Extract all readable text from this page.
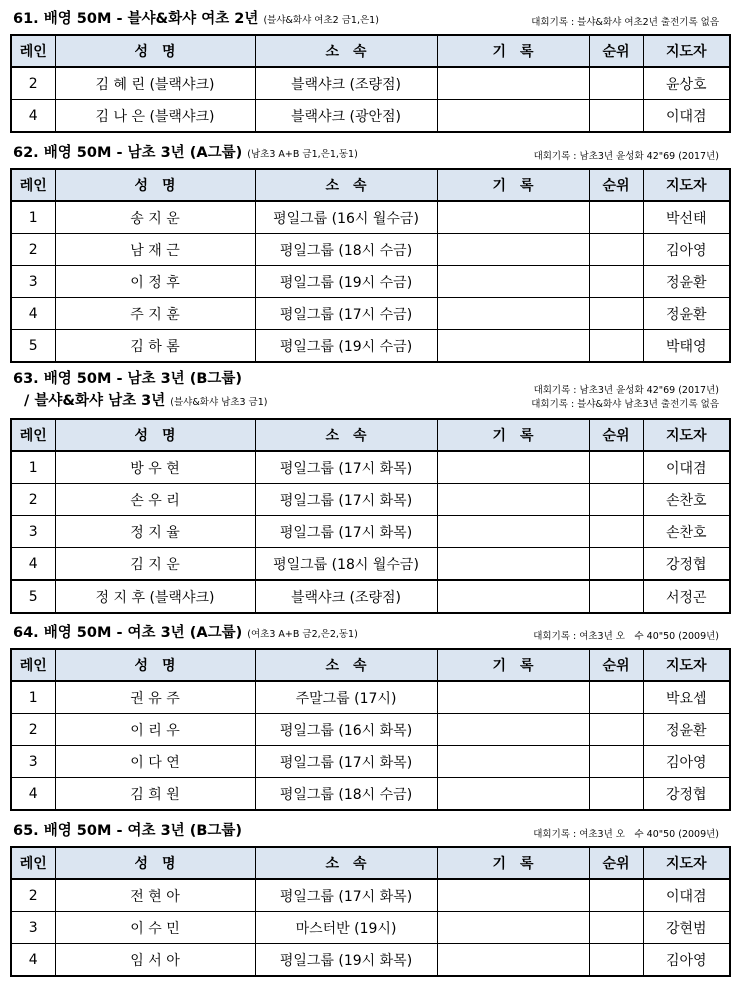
61. 배영 50M - 블샤&화샤 여초 2년 (블샤&화샤 여초2 금1,은1)	대회기록 : 블샤&화샤 여초2년 출전기록 없음
레인	성　명	소　속	기　록	순위	지도자
2	김 혜 린 (블랙샤크)	블랙샤크 (조량점)			윤상호
4	김 나 은 (블랙샤크)	블랙샤크 (광안점)			이대겸
62. 배영 50M - 남초 3년 (A그룹) (남초3 A+B 금1,은1,동1)	대회기록 : 남초3년 윤성화 42"69 (2017년)
레인	성　명	소　속	기　록	순위	지도자
1	송 지 운	평일그룹 (16시 월수금)			박선태
2	남 재 근	평일그룹 (18시 수금)			김아영
3	이 정 후	평일그룹 (19시 수금)			정윤환
4	주 지 훈	평일그룹 (17시 수금)			정윤환
5	김 하 롬	평일그룹 (19시 수금)			박태영
63. 배영 50M - 남초 3년 (B그룹)
/ 블샤&화샤 남초 3년 (블샤&화샤 남초3 금1)
대회기록 : 남초3년 윤성화 42"69 (2017년)
대회기록 : 블샤&화샤 남초3년 출전기록 없음
레인	성　명	소　속	기　록	순위	지도자
1	방 우 현	평일그룹 (17시 화목)			이대겸
2	손 우 리	평일그룹 (17시 화목)			손찬호
3	정 지 율	평일그룹 (17시 화목)			손찬호
4	김 지 운	평일그룹 (18시 월수금)			강정협
5	정 지 후 (블랙샤크)	블랙샤크 (조량점)			서정곤
64. 배영 50M - 여초 3년 (A그룹) (여초3 A+B 금2,은2,동1)	대회기록 : 여초3년 오　수 40"50 (2009년)
레인	성　명	소　속	기　록	순위	지도자
1	권 유 주	주말그룹 (17시)			박요셉
2	이 리 우	평일그룹 (16시 화목)			정윤환
3	이 다 연	평일그룹 (17시 화목)			김아영
4	김 희 원	평일그룹 (18시 수금)			강정협
65. 배영 50M - 여초 3년 (B그룹)	대회기록 : 여초3년 오　수 40"50 (2009년)
레인	성　명	소　속	기　록	순위	지도자
2	전 현 아	평일그룹 (17시 화목)			이대겸
3	이 수 민	마스터반 (19시)			강현범
4	임 서 아	평일그룹 (19시 화목)			김아영
